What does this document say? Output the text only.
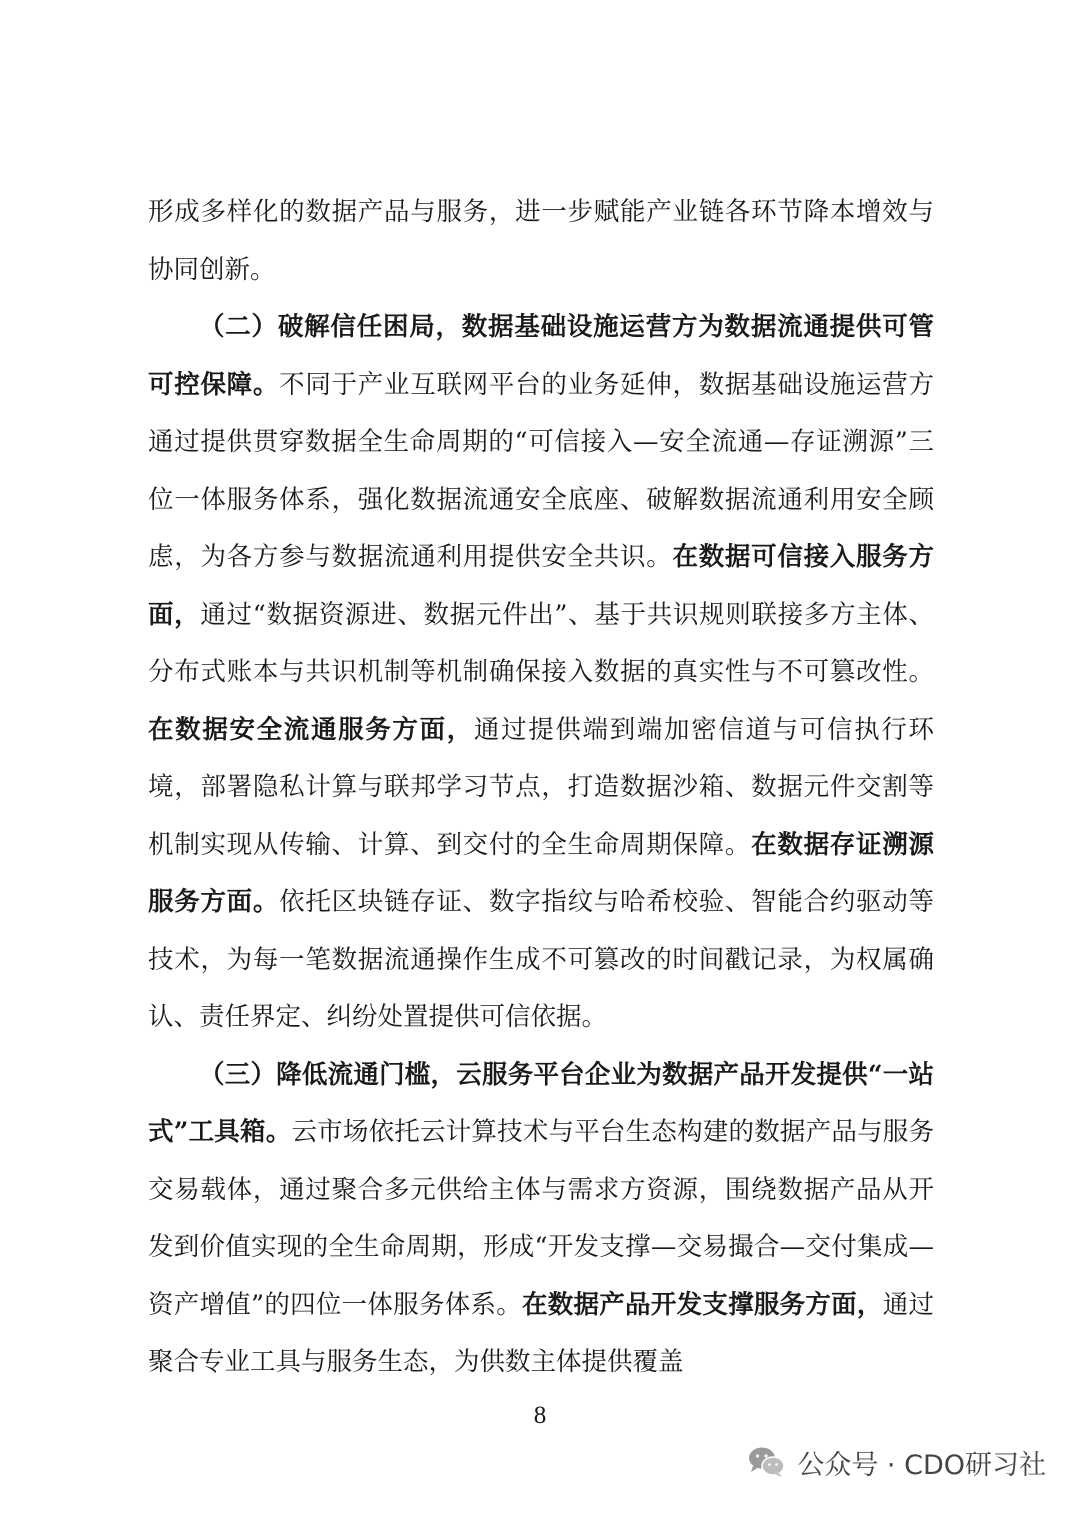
形成多样化的数据产品与服务，进一步赋能产业链各环节降本增效与协同创新。

（二）破解信任困局，数据基础设施运营方为数据流通提供可管可控保障。不同于产业互联网平台的业务延伸，数据基础设施运营方通过提供贯穿数据全生命周期的“可信接入—安全流通—存证溯源”三位一体服务体系，强化数据流通安全底座、破解数据流通利用安全顾虑，为各方参与数据流通利用提供安全共识。在数据可信接入服务方面，通过“数据资源进、数据元件出”、基于共识规则联接多方主体、分布式账本与共识机制等机制确保接入数据的真实性与不可篡改性。在数据安全流通服务方面，通过提供端到端加密信道与可信执行环境，部署隐私计算与联邦学习节点，打造数据沙箱、数据元件交割等机制实现从传输、计算、到交付的全生命周期保障。在数据存证溯源服务方面。依托区块链存证、数字指纹与哈希校验、智能合约驱动等技术，为每一笔数据流通操作生成不可篡改的时间戳记录，为权属确认、责任界定、纠纷处置提供可信依据。

（三）降低流通门槛，云服务平台企业为数据产品开发提供“一站式”工具箱。云市场依托云计算技术与平台生态构建的数据产品与服务交易载体，通过聚合多元供给主体与需求方资源，围绕数据产品从开发到价值实现的全生命周期，形成“开发支撑—交易撮合—交付集成—资产增值”的四位一体服务体系。在数据产品开发支撑服务方面，通过聚合专业工具与服务生态，为供数主体提供覆盖

8
公众号 · CDO研习社
